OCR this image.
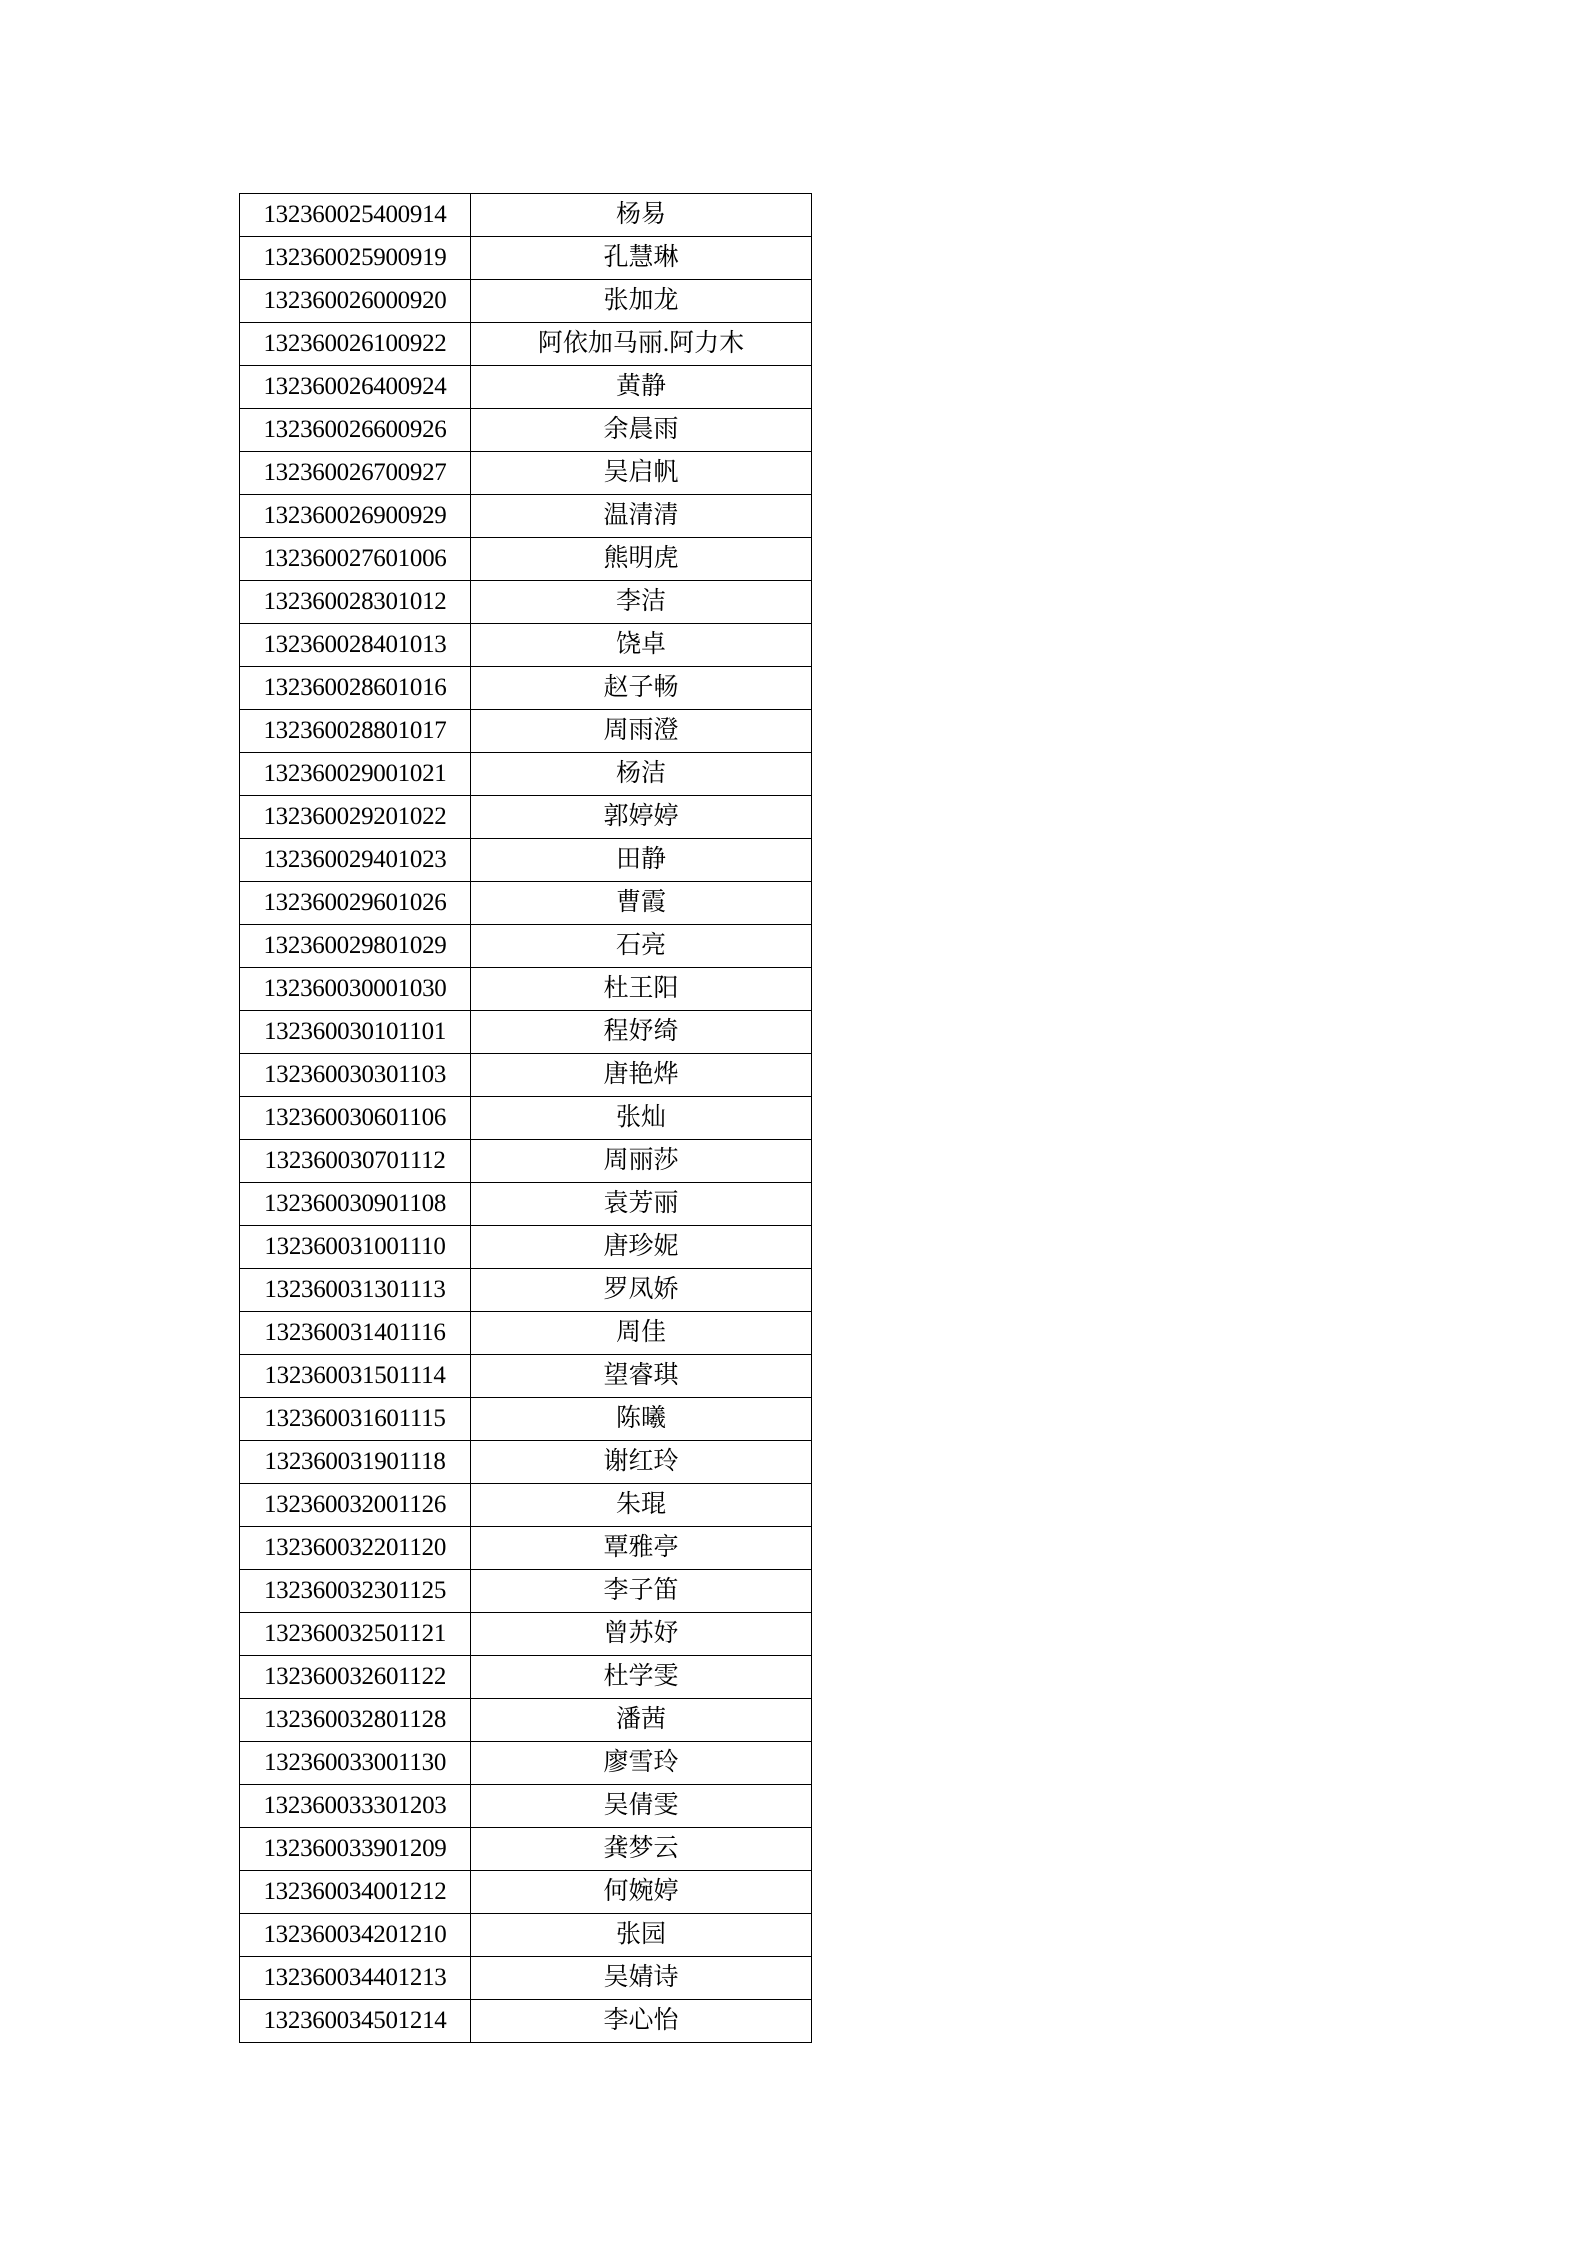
132360025400914	杨易
132360025900919	孔慧琳
132360026000920	张加龙
132360026100922	阿依加马丽.阿力木
132360026400924	黄静
132360026600926	余晨雨
132360026700927	吴启帆
132360026900929	温清清
132360027601006	熊明虎
132360028301012	李洁
132360028401013	饶卓
132360028601016	赵子畅
132360028801017	周雨澄
132360029001021	杨洁
132360029201022	郭婷婷
132360029401023	田静
132360029601026	曹霞
132360029801029	石亮
132360030001030	杜王阳
132360030101101	程妤绮
132360030301103	唐艳烨
132360030601106	张灿
132360030701112	周丽莎
132360030901108	袁芳丽
132360031001110	唐珍妮
132360031301113	罗凤娇
132360031401116	周佳
132360031501114	望睿琪
132360031601115	陈曦
132360031901118	谢红玲
132360032001126	朱琨
132360032201120	覃雅亭
132360032301125	李子笛
132360032501121	曾苏妤
132360032601122	杜学雯
132360032801128	潘茜
132360033001130	廖雪玲
132360033301203	吴倩雯
132360033901209	龚梦云
132360034001212	何婉婷
132360034201210	张园
132360034401213	吴婧诗
132360034501214	李心怡
